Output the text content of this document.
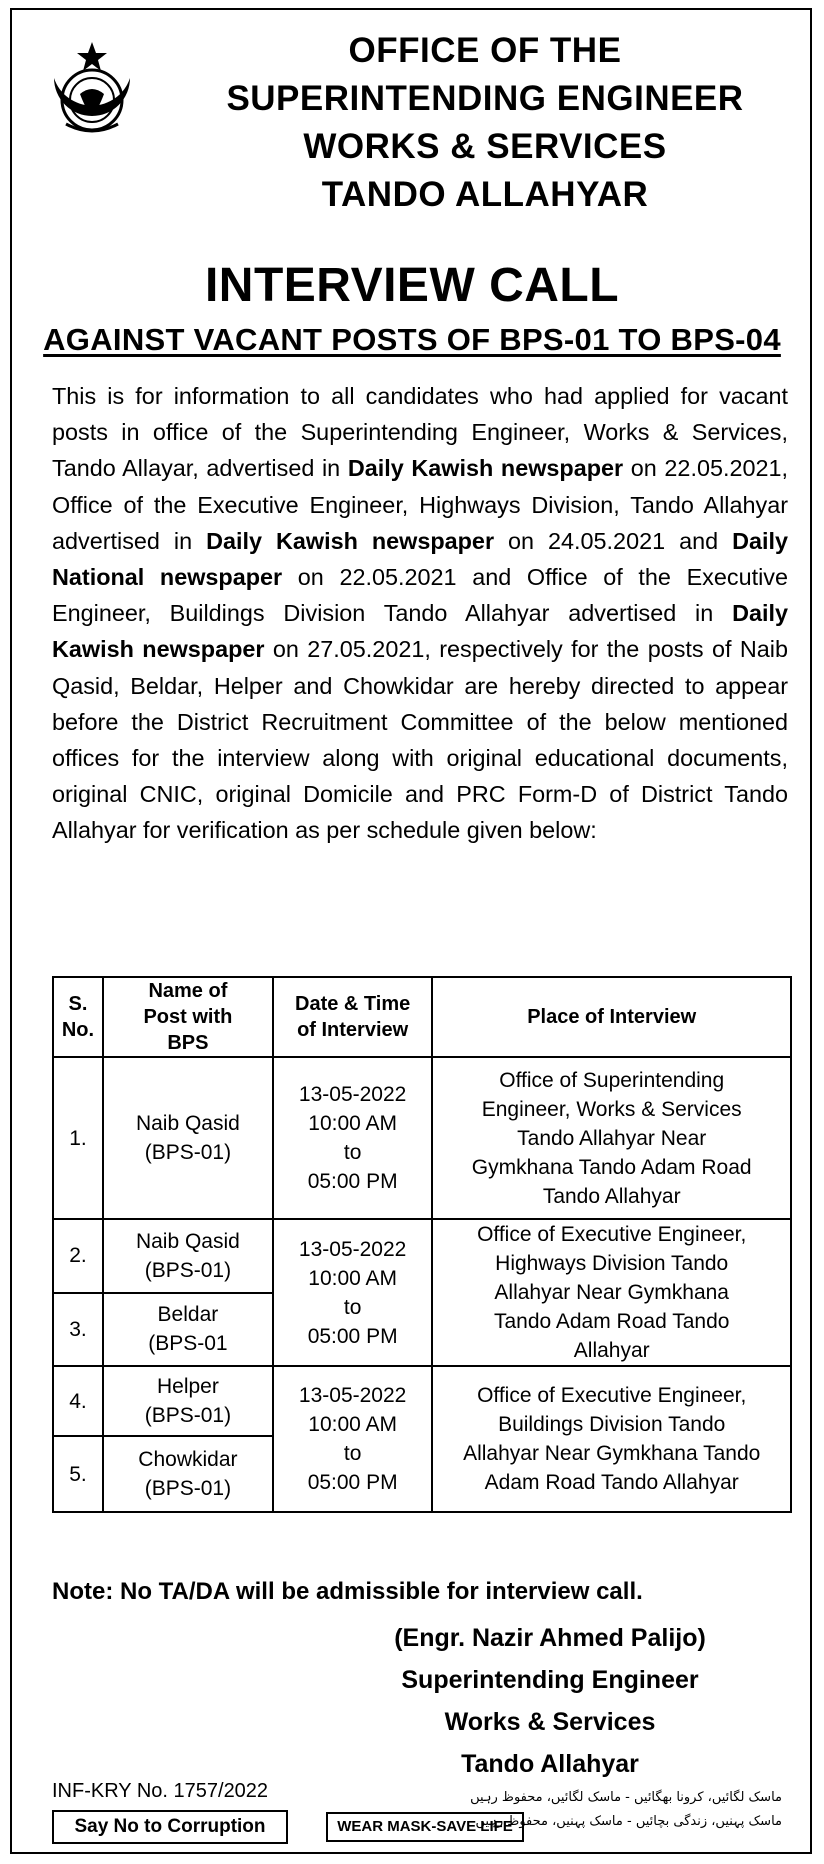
OFFICE OF THE
SUPERINTENDING ENGINEER
WORKS & SERVICES
TANDO ALLAHYAR
INTERVIEW CALL
AGAINST VACANT POSTS OF BPS-01 TO BPS-04
This is for information to all candidates who had applied for vacant posts in office of the Superintending Engineer, Works & Services, Tando Allayar, advertised in Daily Kawish newspaper on 22.05.2021, Office of the Executive Engineer, Highways Division, Tando Allahyar advertised in Daily Kawish newspaper on 24.05.2021 and Daily National newspaper on 22.05.2021 and Office of the Executive Engineer, Buildings Division Tando Allahyar advertised in Daily Kawish newspaper on 27.05.2021, respectively for the posts of Naib Qasid, Beldar, Helper and Chowkidar are hereby directed to appear before the District Recruitment Committee of the below mentioned offices for the interview along with original educational documents, original CNIC, original Domicile and PRC Form-D of District Tando Allahyar for verification as per schedule given below:
S. No.	Name of Post with BPS	Date & Time of Interview	Place of Interview
1.	Naib Qasid (BPS-01)	13-05-2022
10:00 AM
to
05:00 PM	Office of Superintending Engineer, Works & Services Tando Allahyar Near Gymkhana Tando Adam Road Tando Allahyar
2.	Naib Qasid (BPS-01)	13-05-2022
10:00 AM
to
05:00 PM	Office of Executive Engineer, Highways Division Tando Allahyar Near Gymkhana Tando Adam Road Tando Allahyar
3.	Beldar (BPS-01		
4.	Helper (BPS-01)	13-05-2022
10:00 AM
to
05:00 PM	Office of Executive Engineer, Buildings Division Tando Allahyar Near Gymkhana Tando Adam Road Tando Allahyar
5.	Chowkidar (BPS-01)		
Note: No TA/DA will be admissible for interview call.
(Engr. Nazir Ahmed Palijo)
Superintending Engineer
Works & Services
Tando Allahyar
INF-KRY No. 1757/2022
Say No to Corruption	WEAR MASK-SAVE LIFE
ماسک لگائیں، کرونا بھگائیں - ماسک لگائیں، محفوظ رہیں
ماسک پہنیں، زندگی بچائیں - ماسک پہنیں، محفوظ رہیں
